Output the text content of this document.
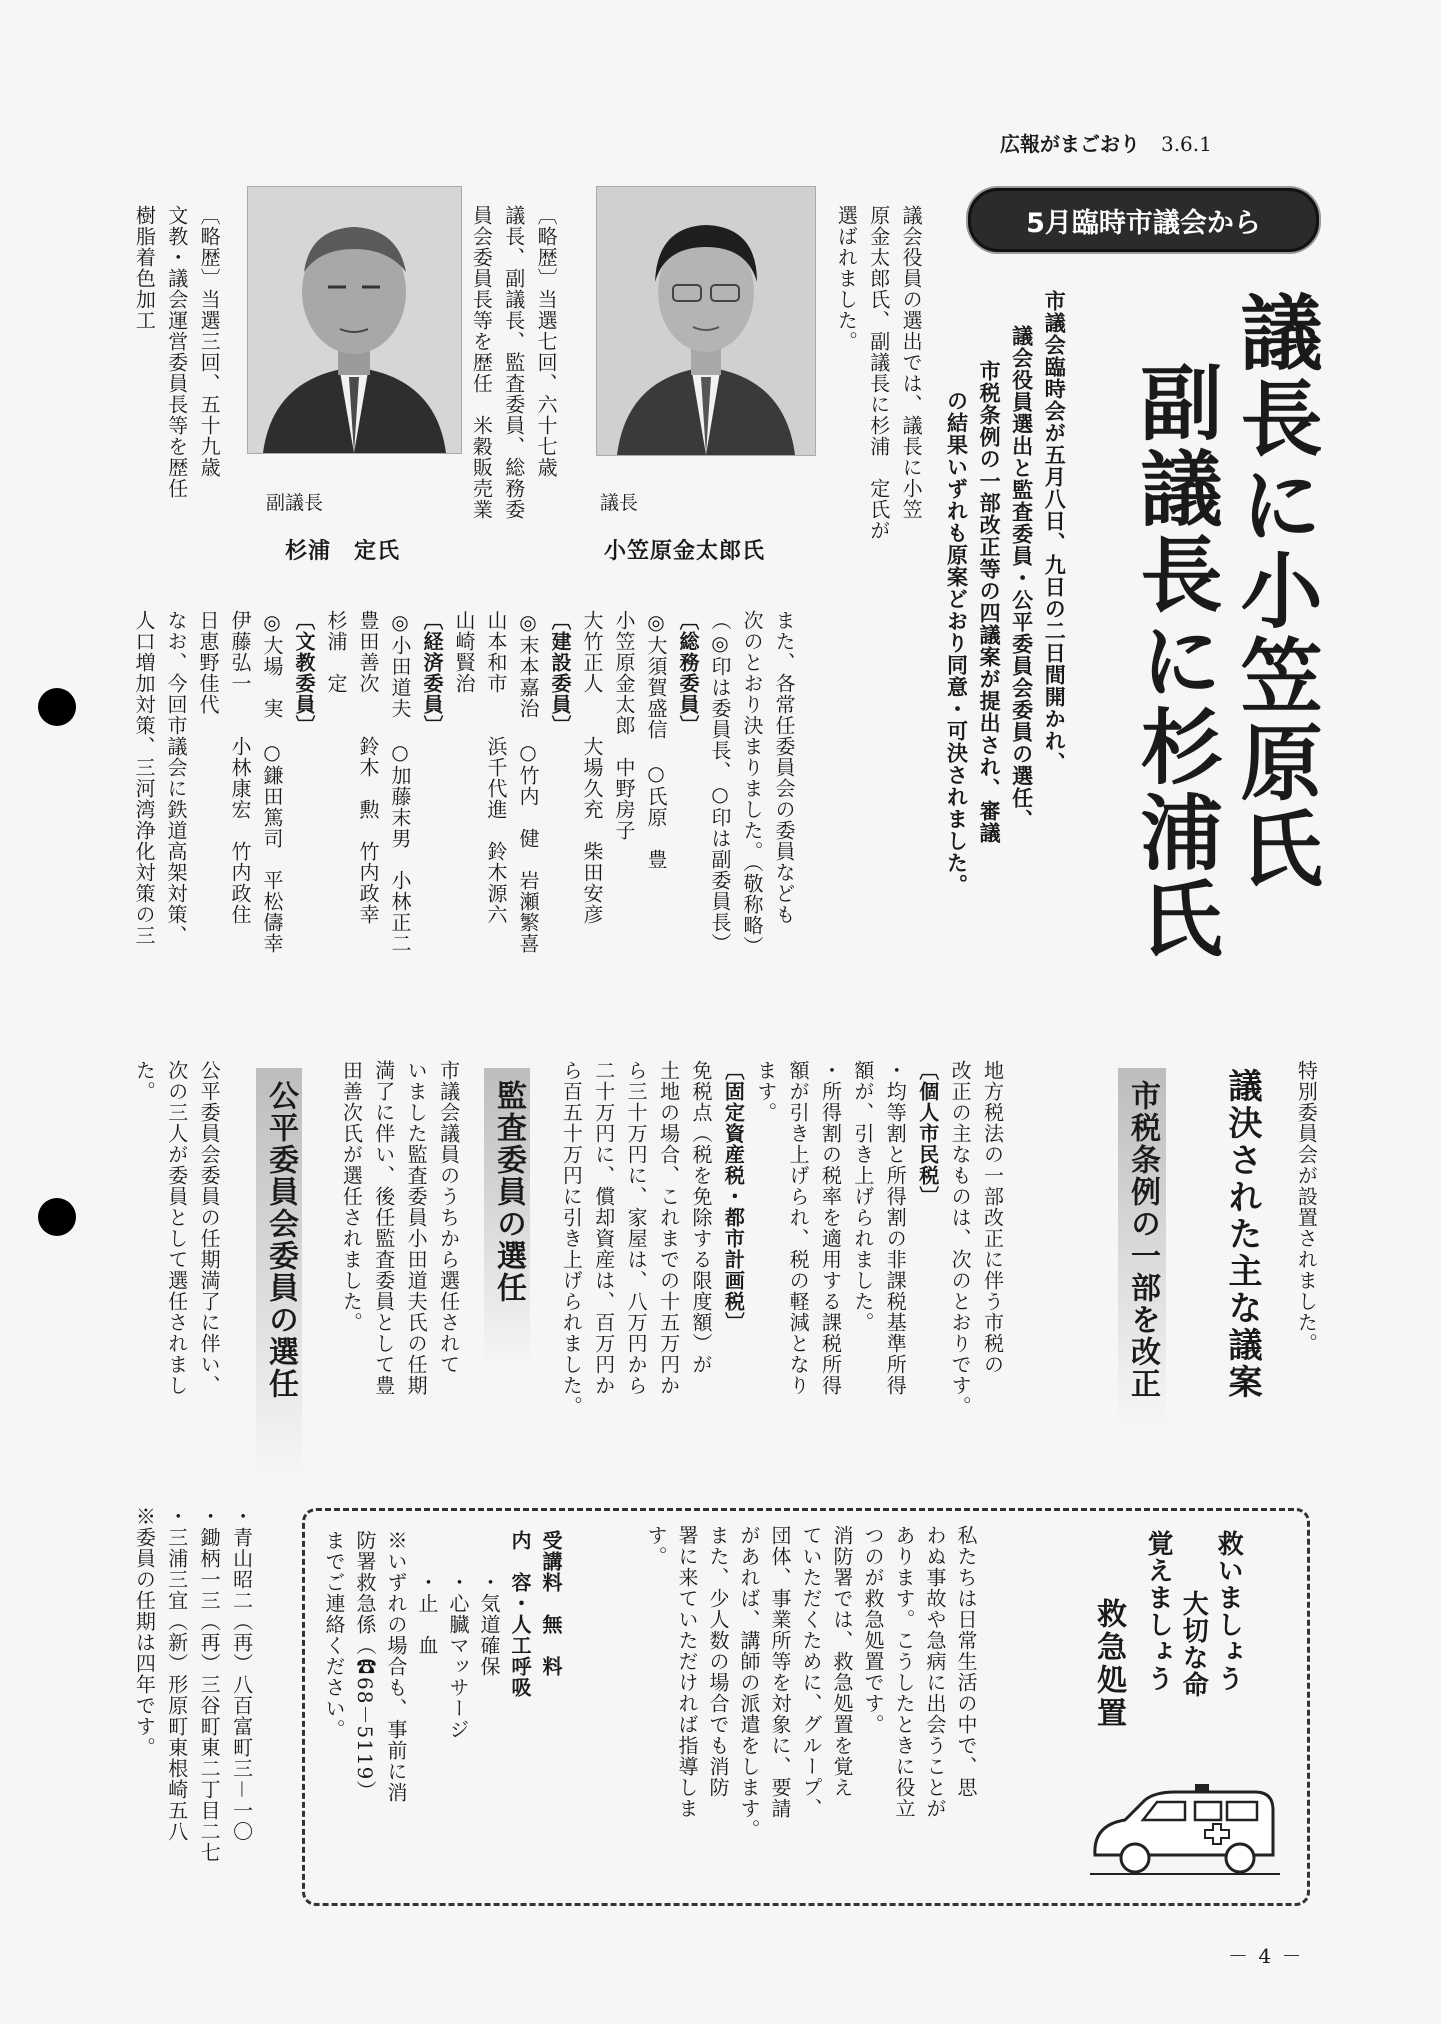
広報がまごおり 3.6.1
5月臨時市議会から
議長に小笠原氏
副議長に杉浦氏
市議会臨時会が五月八日、九日の二日間開かれ、
議会役員選出と監査委員・公平委員会委員の選任、
市税条例の一部改正等の四議案が提出され、審議
の結果いずれも原案どおり同意・可決されました。
議会役員の選出では、議長に小笠
原金太郎氏、副議長に杉浦　定氏が
選ばれました。
議長
小笠原金太郎氏
〔略歴〕当選七回、六十七歳
議長、副議長、監査委員、総務委
員会委員長等を歴任　米穀販売業
副議長
杉浦　定氏
〔略歴〕当選三回、五十九歳
文教・議会運営委員長等を歴任
樹脂着色加工
また、各常任委員会の委員なども
次のとおり決まりました。（敬称略）
（◎印は委員長、○印は副委員長）
〔総務委員〕
◎大須賀盛信　○氏原　豊
小笠原金太郎　中野房子
大竹正人　　大場久充　柴田安彦
〔建設委員〕
◎末本嘉治　○竹内　健　岩瀬繁喜
山本和市　　浜千代進　鈴木源六
山崎賢治
〔経済委員〕
◎小田道夫　○加藤末男　小林正二
豊田善次　　鈴木　勲　竹内政幸
杉浦　定
〔文教委員〕
◎大場　実　○鎌田篤司　平松儔幸
伊藤弘一　　小林康宏　竹内政住
日恵野佳代
なお、今回市議会に鉄道高架対策、
人口増加対策、三河湾浄化対策の三
特別委員会が設置されました。
議決された主な議案
市税条例の一部を改正
地方税法の一部改正に伴う市税の
改正の主なものは、次のとおりです。
〔個人市民税〕
・均等割と所得割の非課税基準所得
額が、引き上げられました。
・所得割の税率を適用する課税所得
額が引き上げられ、税の軽減となり
ます。
〔固定資産税・都市計画税〕
免税点（税を免除する限度額）が
土地の場合、これまでの十五万円か
ら三十万円に、家屋は、八万円から
二十万円に、償却資産は、百万円か
ら百五十万円に引き上げられました。
監査委員の選任
市議会議員のうちから選任されて
いました監査委員小田道夫氏の任期
満了に伴い、後任監査委員として豊
田善次氏が選任されました。
公平委員会委員の選任
公平委員会委員の任期満了に伴い、
次の三人が委員として選任されまし
た。
・青山昭二（再）八百富町三－一〇
・鋤柄一三（再）三谷町東二丁目二七
・三浦三宜（新）形原町東根崎五八
※委員の任期は四年です。	救いましょう
大切な命
覚えましょう
救急処置
私たちは日常生活の中で、思
わぬ事故や急病に出会うことが
あります。こうしたときに役立
つのが救急処置です。
消防署では、救急処置を覚え
ていただくために、グループ、
団体、事業所等を対象に、要請
があれば、講師の派遣をします。
また、少人数の場合でも消防
署に来ていただければ指導しま
す。
受講料　無　料
内　容・人工呼吸
　　・気道確保
　　・心臓マッサージ
　　・止　血
※いずれの場合も、事前に消
防署救急係（☎68－5119）
までご連絡ください。
－ 4 －
